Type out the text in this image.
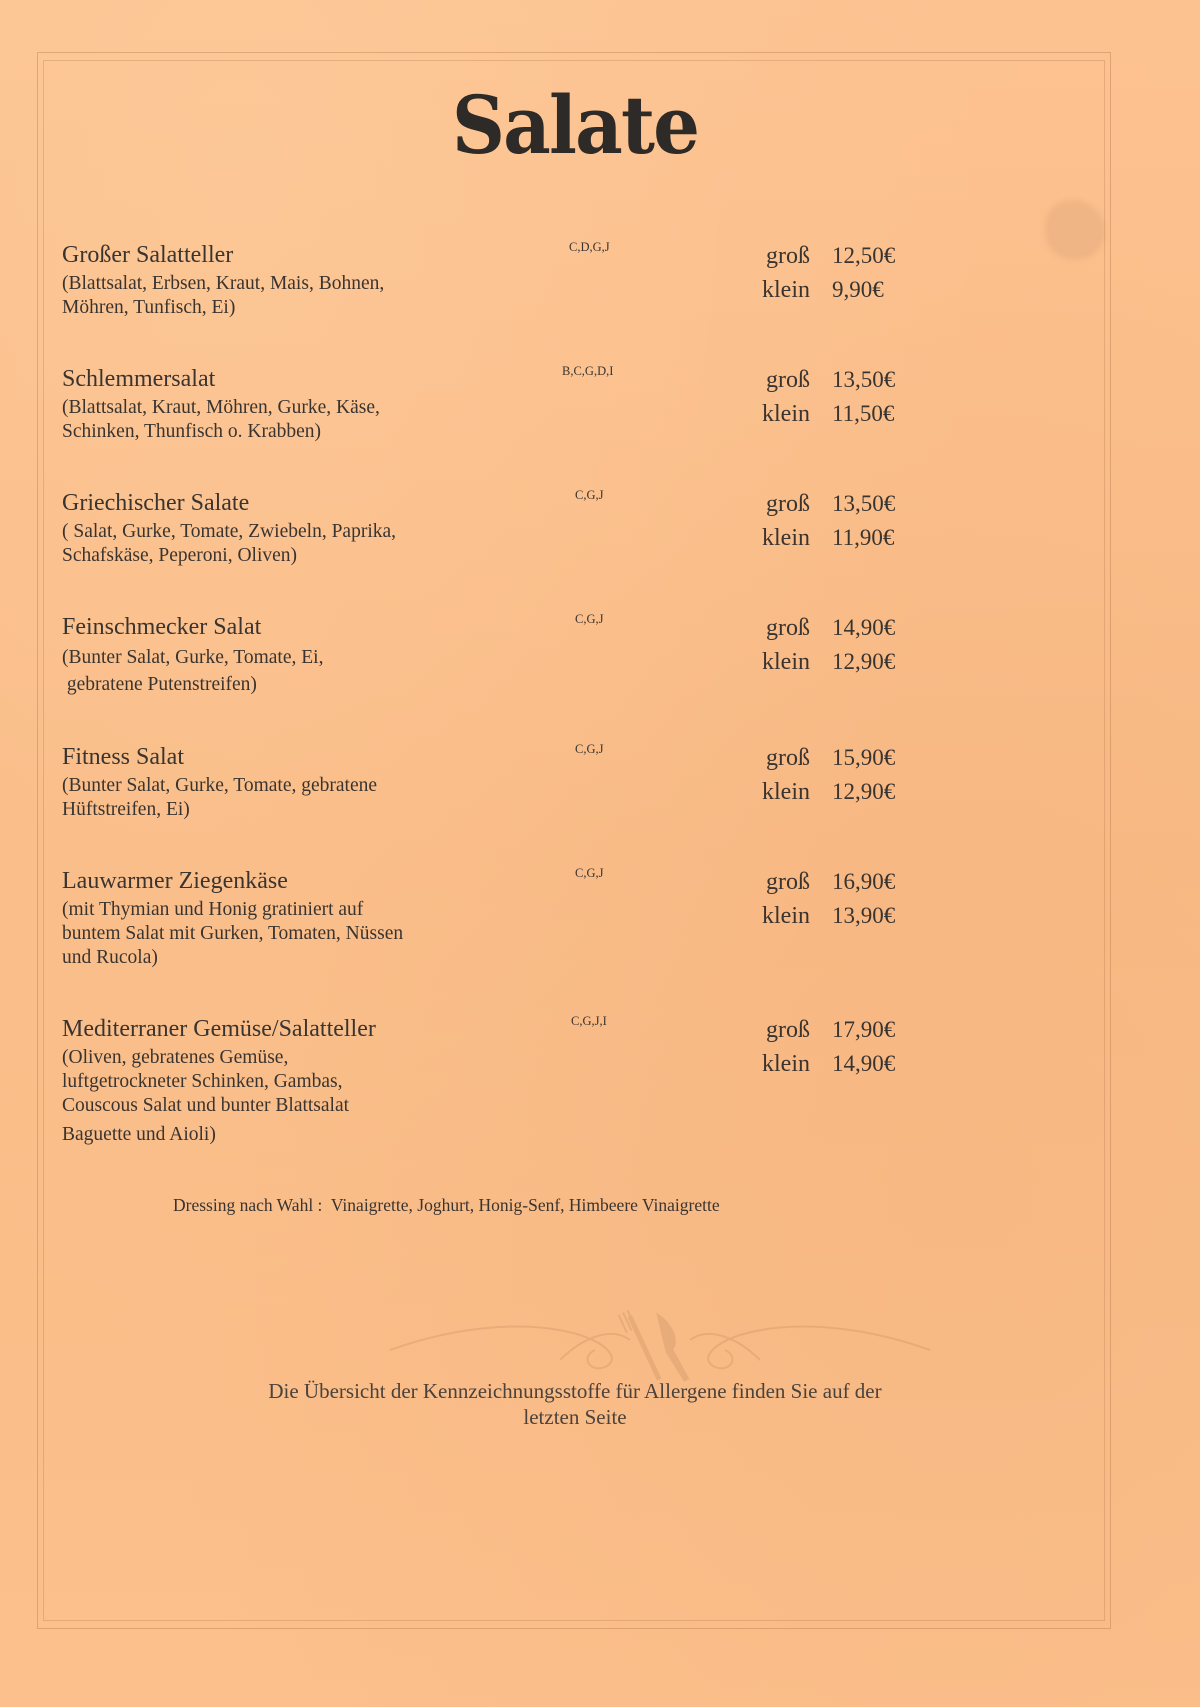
Salate
Großer Salatteller
(Blattsalat, Erbsen, Kraut, Mais, Bohnen,
Möhren, Tunfisch, Ei)
C,D,G,J	groß 12,50€
klein 9,90€
Schlemmersalat
(Blattsalat, Kraut, Möhren, Gurke, Käse,
Schinken, Thunfisch o. Krabben)
B,C,G,D,I	groß 13,50€
klein 11,50€
Griechischer Salate
( Salat, Gurke, Tomate, Zwiebeln, Paprika,
Schafskäse, Peperoni, Oliven)
C,G,J	groß 13,50€
klein 11,90€
Feinschmecker Salat
(Bunter Salat, Gurke, Tomate, Ei,
gebratene Putenstreifen)
C,G,J	groß 14,90€
klein 12,90€
Fitness Salat
(Bunter Salat, Gurke, Tomate, gebratene
Hüftstreifen, Ei)
C,G,J	groß 15,90€
klein 12,90€
Lauwarmer Ziegenkäse
(mit Thymian und Honig gratiniert auf
buntem Salat mit Gurken, Tomaten, Nüssen
und Rucola)
C,G,J	groß 16,90€
klein 13,90€
Mediterraner Gemüse/Salatteller
(Oliven, gebratenes Gemüse,
luftgetrockneter Schinken, Gambas,
Couscous Salat und bunter Blattsalat
Baguette und Aioli)
C,G,J,I	groß 17,90€
klein 14,90€
Dressing nach Wahl :  Vinaigrette, Joghurt, Honig-Senf, Himbeere Vinaigrette
Die Übersicht der Kennzeichnungsstoffe für Allergene finden Sie auf der
letzten Seite
